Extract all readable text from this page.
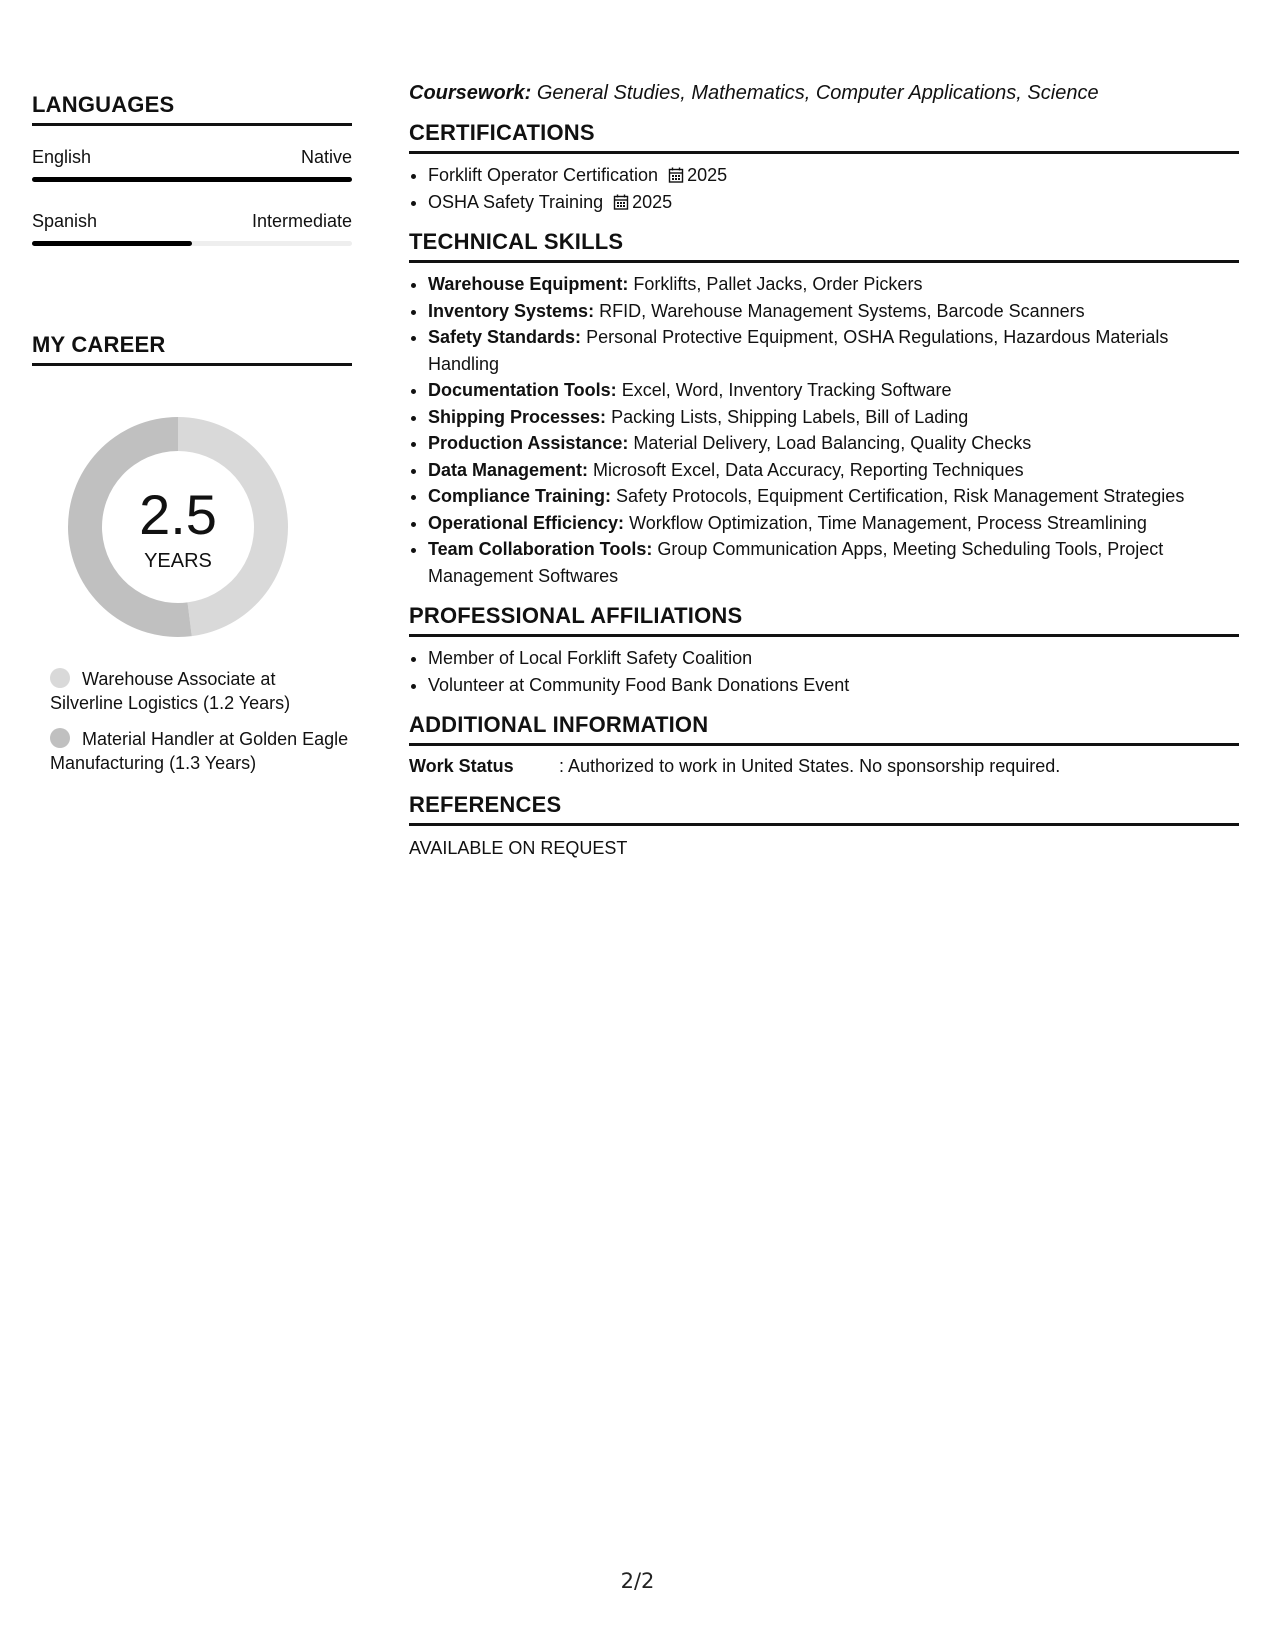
LANGUAGES
English	Native
Spanish	Intermediate
MY CAREER
2.5
YEARS
Warehouse Associate at Silverline Logistics (1.2 Years)
Material Handler at Golden Eagle Manufacturing (1.3 Years)
Coursework: General Studies, Mathematics, Computer Applications, Science
CERTIFICATIONS
• Forklift Operator Certification 2025
• OSHA Safety Training 2025
TECHNICAL SKILLS
• Warehouse Equipment: Forklifts, Pallet Jacks, Order Pickers
• Inventory Systems: RFID, Warehouse Management Systems, Barcode Scanners
• Safety Standards: Personal Protective Equipment, OSHA Regulations, Hazardous Materials Handling
• Documentation Tools: Excel, Word, Inventory Tracking Software
• Shipping Processes: Packing Lists, Shipping Labels, Bill of Lading
• Production Assistance: Material Delivery, Load Balancing, Quality Checks
• Data Management: Microsoft Excel, Data Accuracy, Reporting Techniques
• Compliance Training: Safety Protocols, Equipment Certification, Risk Management Strategies
• Operational Efficiency: Workflow Optimization, Time Management, Process Streamlining
• Team Collaboration Tools: Group Communication Apps, Meeting Scheduling Tools, Project Management Softwares
PROFESSIONAL AFFILIATIONS
• Member of Local Forklift Safety Coalition
• Volunteer at Community Food Bank Donations Event
ADDITIONAL INFORMATION
Work Status	: Authorized to work in United States. No sponsorship required.
REFERENCES
AVAILABLE ON REQUEST
2/2
